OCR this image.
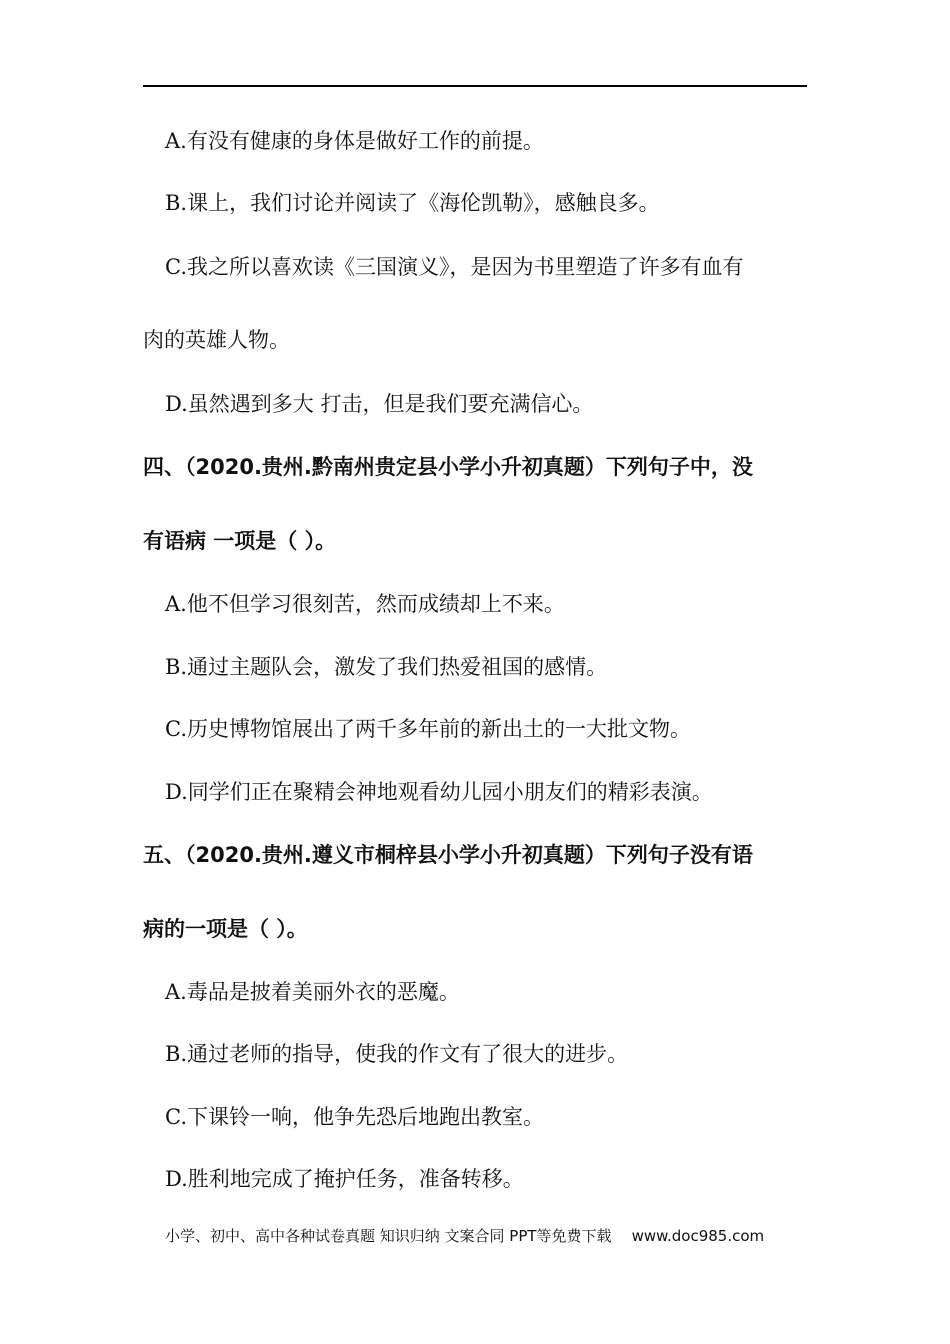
A.有没有健康的身体是做好工作的前提。
B.课上，我们讨论并阅读了《海伦凯勒》，感触良多。
C.我之所以喜欢读《三国演义》，是因为书里塑造了许多有血有
肉的英雄人物。
D.虽然遇到多大 打击，但是我们要充满信心。
四、（2020.贵州.黔南州贵定县小学小升初真题）下列句子中，没
有语病 一项是（ ）。
A.他不但学习很刻苦，然而成绩却上不来。
B.通过主题队会，激发了我们热爱祖国的感情。
C.历史博物馆展出了两千多年前的新出土的一大批文物。
D.同学们正在聚精会神地观看幼儿园小朋友们的精彩表演。
五、（2020.贵州.遵义市桐梓县小学小升初真题）下列句子没有语
病的一项是（ ）。
A.毒品是披着美丽外衣的恶魔。
B.通过老师的指导，使我的作文有了很大的进步。
C.下课铃一响，他争先恐后地跑出教室。
D.胜利地完成了掩护任务，准备转移。
小学、初中、高中各种试卷真题 知识归纳 文案合同 PPT等免费下载 www.doc985.com
